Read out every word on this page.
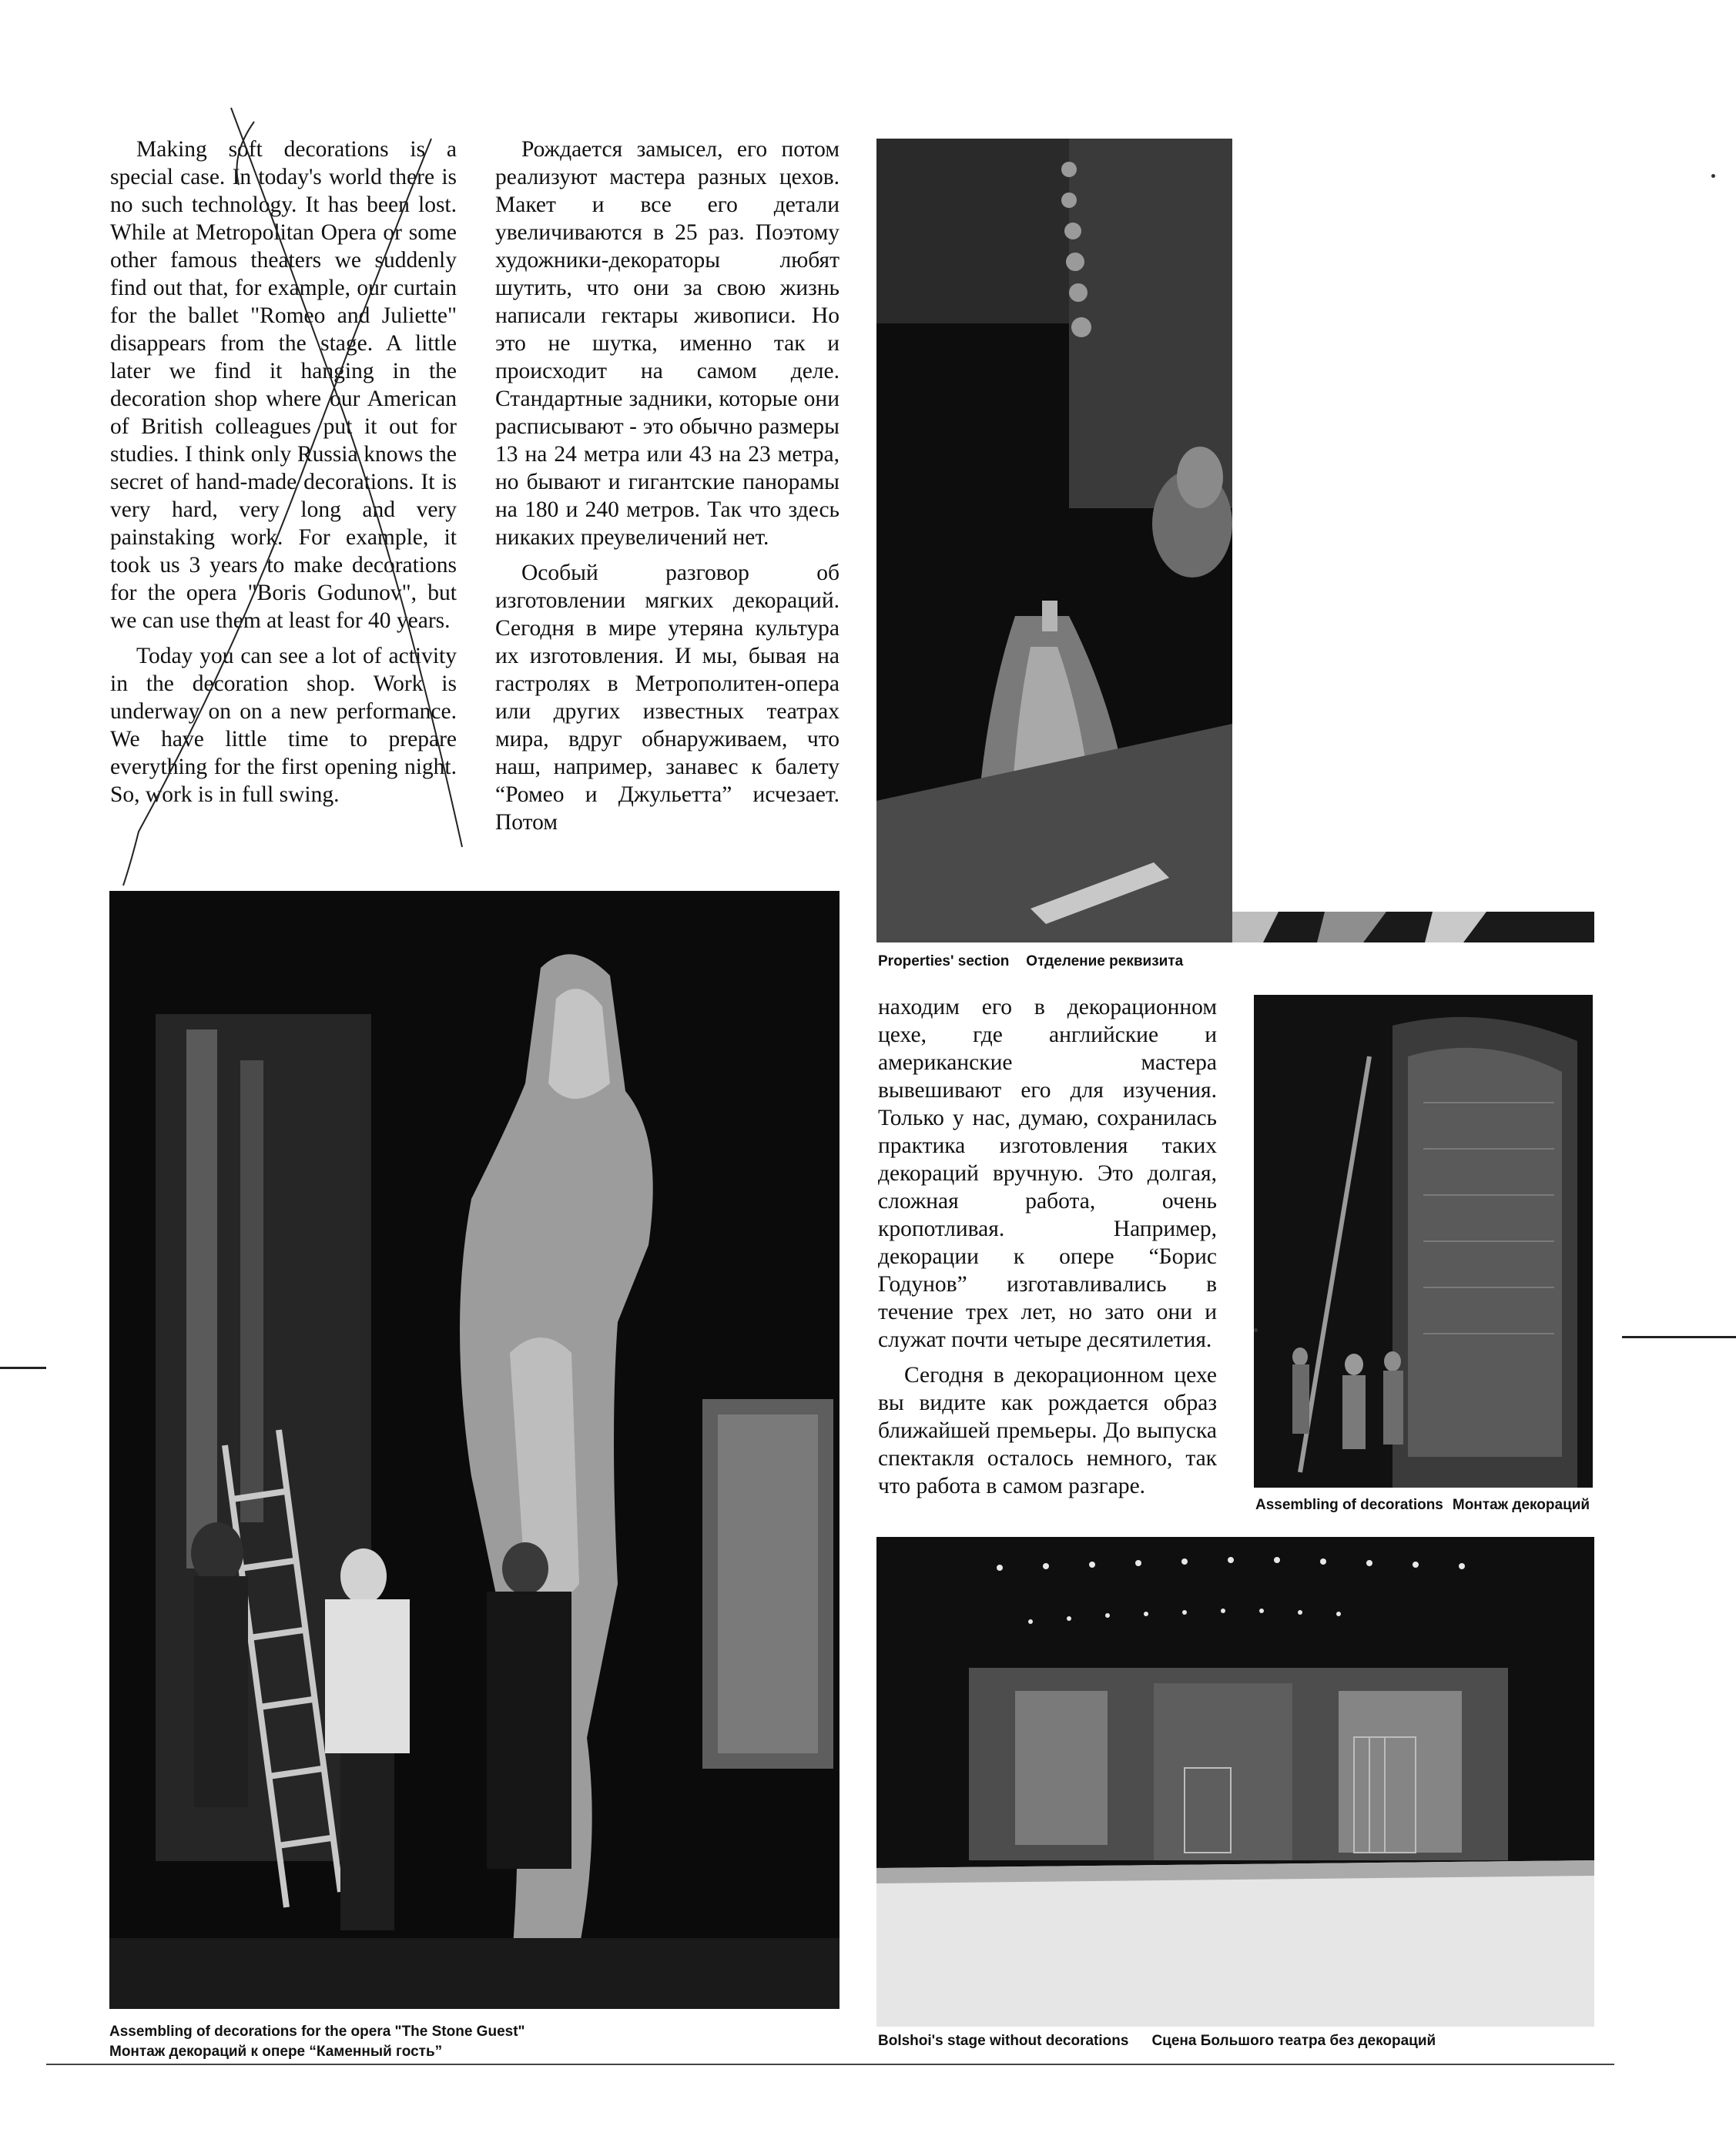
Making soft decorations is a special case. In today's world there is no such technology. It has been lost. While at Metropolitan Opera or some other famous theaters we suddenly find out that, for example, our curtain for the ballet "Romeo and Juliette" disappears from the stage. A little later we find it hanging in the decoration shop where our American of British colleagues put it out for studies. I think only Russia knows the secret of hand-made decorations. It is very hard, very long and very painstaking work. For example, it took us 3 years to make decorations for the opera "Boris Godunov", but we can use them at least for 40 years.

Today you can see a lot of activity in the decoration shop. Work is underway on on a new performance. We have little time to prepare everything for the first opening night. So, work is in full swing.

Рождается замысел, его потом реализуют мастера разных цехов. Макет и все его детали увеличиваются в 25 раз. Поэтому художники-декораторы любят шутить, что они за свою жизнь написали гектары живописи. Но это не шутка, именно так и происходит на самом деле. Стандартные задники, которые они расписывают - это обычно размеры 13 на 24 метра или 43 на 23 метра, но бывают и гигантские панорамы на 180 и 240 метров. Так что здесь никаких преувеличений нет.

Особый разговор об изготовлении мягких декораций. Сегодня в мире утеряна культура их изготовления. И мы, бывая на гастролях в Метрополитен-опера или других известных театрах мира, вдруг обнаруживаем, что наш, например, занавес к балету “Ромео и Джульетта” исчезает. Потом

находим его в декорационном цехе, где английские и американские мастера вывешивают его для изучения. Только у нас, думаю, сохранилась практика изготовления таких декораций вручную. Это долгая, сложная работа, очень кропотливая. Например, декорации к опере “Борис Годунов” изготавливались в течение трех лет, но зато они и служат почти четыре десятилетия.

Сегодня в декорационном цехе вы видите как рождается образ ближайшей премьеры. До выпуска спектакля осталось немного, так что работа в самом разгаре.

Properties' section Отделение реквизита
Assembling of decorations for the opera "The Stone Guest"
Монтаж декораций к опере “Каменный гость”
Assembling of decorations Монтаж декораций
Bolshoi's stage without decorations Сцена Большого театра без декораций
